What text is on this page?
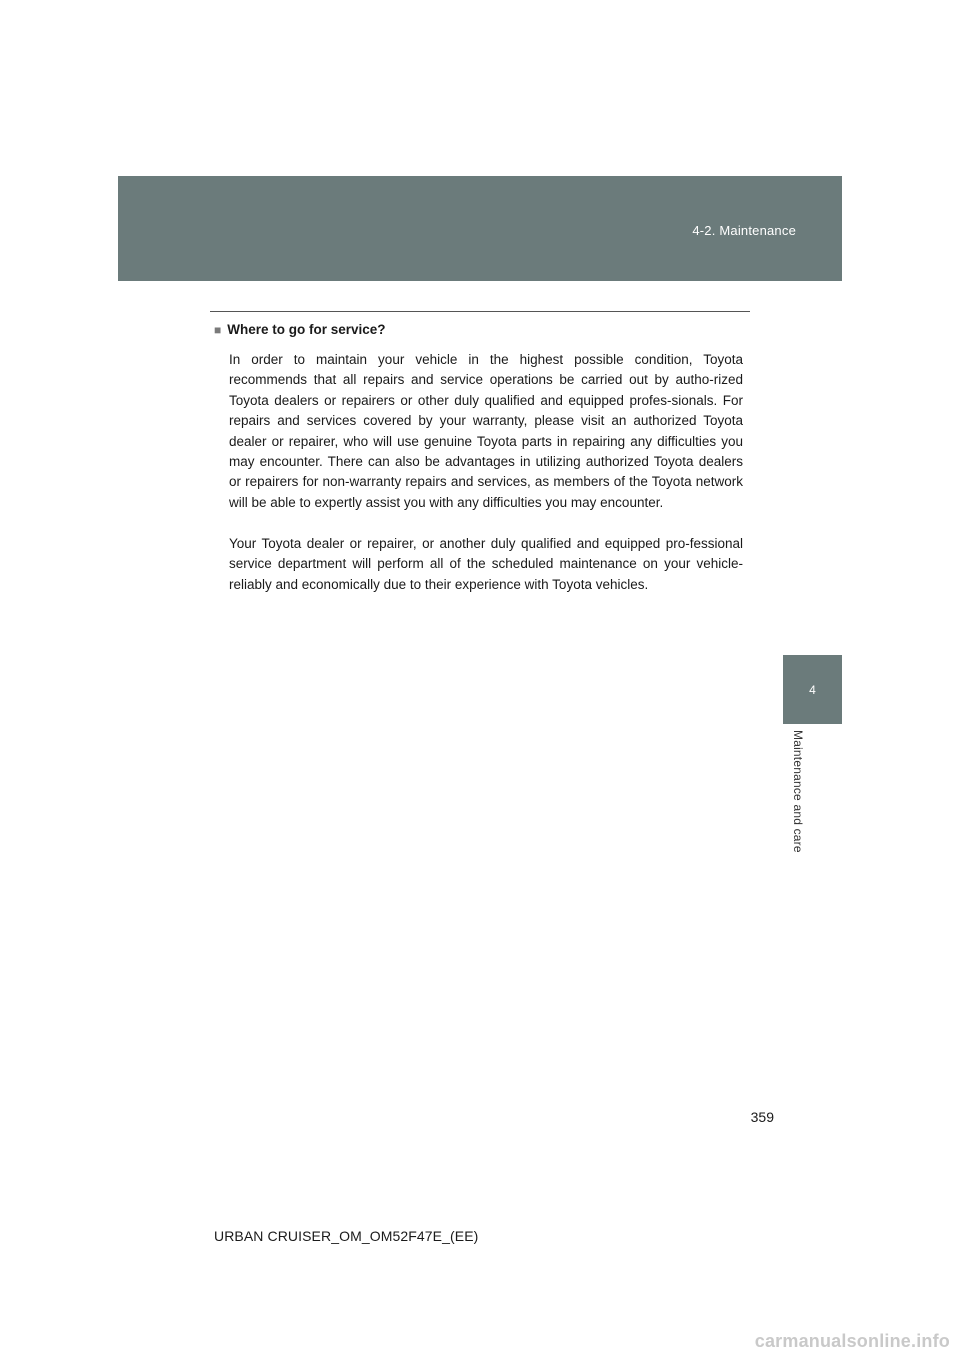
4-2. Maintenance
4
Maintenance and care
■ Where to go for service?

In order to maintain your vehicle in the highest possible condition, Toyota recommends that all repairs and service operations be carried out by autho-rized Toyota dealers or repairers or other duly qualified and equipped profes-sionals. For repairs and services covered by your warranty, please visit an authorized Toyota dealer or repairer, who will use genuine Toyota parts in repairing any difficulties you may encounter. There can also be advantages in utilizing authorized Toyota dealers or repairers for non-warranty repairs and services, as members of the Toyota network will be able to expertly assist you with any difficulties you may encounter.

Your Toyota dealer or repairer, or another duly qualified and equipped pro-fessional service department will perform all of the scheduled maintenance on your vehicle-reliably and economically due to their experience with Toyota vehicles.

359
URBAN CRUISER_OM_OM52F47E_(EE)
carmanualsonline.info
